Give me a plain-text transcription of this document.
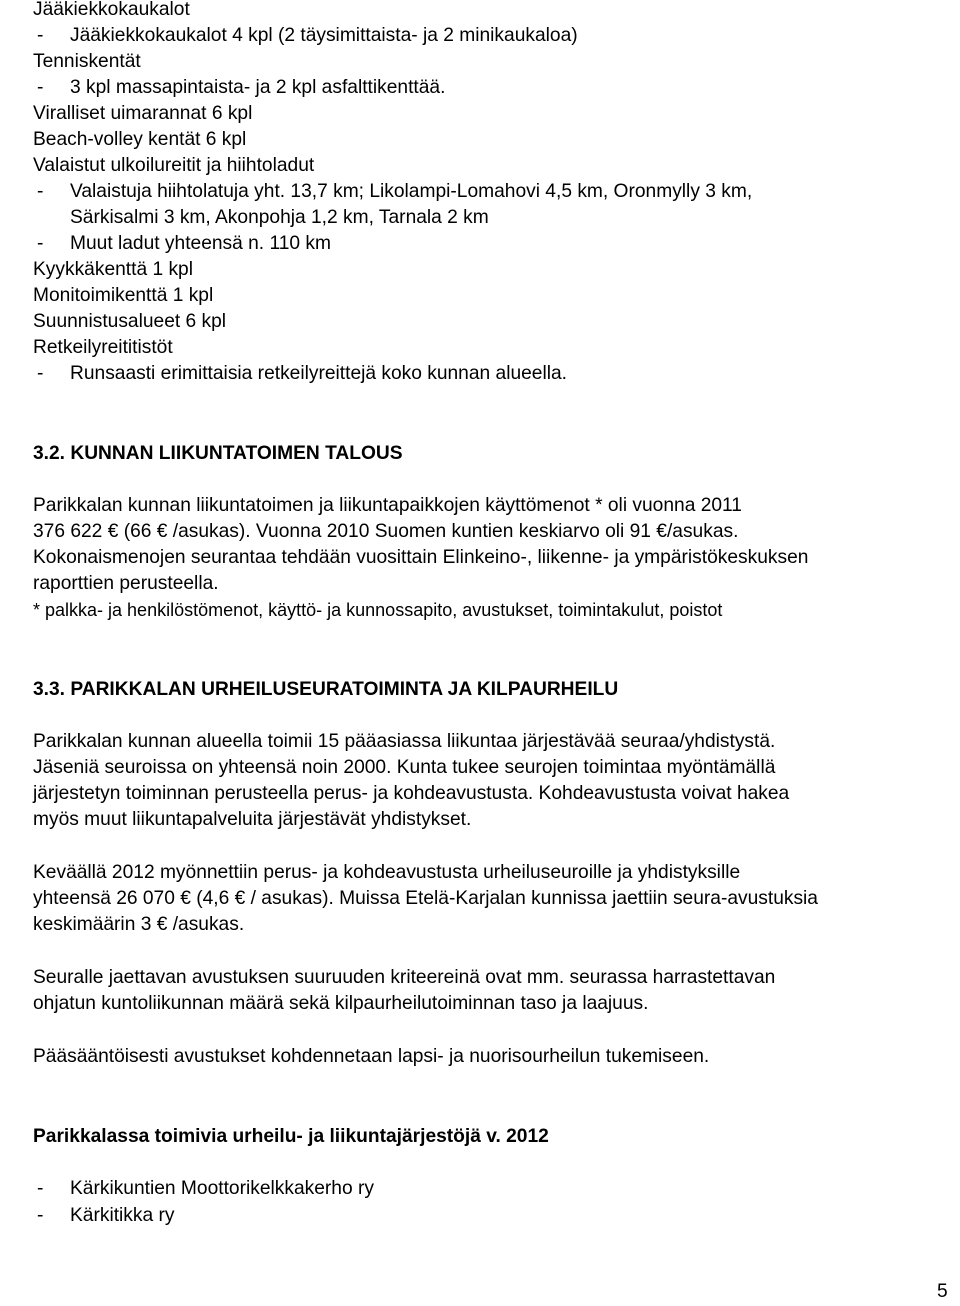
Jääkiekkokaukalot
- Jääkiekkokaukalot 4 kpl (2 täysimittaista- ja 2 minikaukaloa)
Tenniskentät
- 3 kpl massapintaista- ja 2 kpl asfalttikenttää.
Viralliset uimarannat 6 kpl
Beach-volley kentät 6 kpl
Valaistut ulkoilureitit ja hiihtoladut
- Valaistuja hiihtolatuja yht. 13,7 km; Likolampi-Lomahovi 4,5 km, Oronmylly 3 km,
Särkisalmi 3 km, Akonpohja 1,2 km, Tarnala 2 km
- Muut ladut yhteensä n. 110 km
Kyykkäkenttä 1 kpl
Monitoimikenttä 1 kpl
Suunnistusalueet 6 kpl
Retkeilyreititistöt
- Runsaasti erimittaisia retkeilyreittejä koko kunnan alueella.
3.2. KUNNAN LIIKUNTATOIMEN TALOUS
Parikkalan kunnan liikuntatoimen ja liikuntapaikkojen käyttömenot * oli vuonna 2011
376 622 € (66 € /asukas). Vuonna 2010 Suomen kuntien keskiarvo oli 91 €/asukas.
Kokonaismenojen seurantaa tehdään vuosittain Elinkeino-, liikenne- ja ympäristökeskuksen
raporttien perusteella.
* palkka- ja henkilöstömenot, käyttö- ja kunnossapito, avustukset, toimintakulut, poistot
3.3. PARIKKALAN URHEILUSEURATOIMINTA JA KILPAURHEILU
Parikkalan kunnan alueella toimii 15 pääasiassa liikuntaa järjestävää seuraa/yhdistystä.
Jäseniä seuroissa on yhteensä noin 2000. Kunta tukee seurojen toimintaa myöntämällä
järjestetyn toiminnan perusteella perus- ja kohdeavustusta. Kohdeavustusta voivat hakea
myös muut liikuntapalveluita järjestävät yhdistykset.
Keväällä 2012 myönnettiin perus- ja kohdeavustusta urheiluseuroille ja yhdistyksille
yhteensä 26 070 € (4,6 € / asukas). Muissa Etelä-Karjalan kunnissa jaettiin seura-avustuksia
keskimäärin 3 € /asukas.
Seuralle jaettavan avustuksen suuruuden kriteereinä ovat mm. seurassa harrastettavan
ohjatun kuntoliikunnan määrä sekä kilpaurheilutoiminnan taso ja laajuus.
Pääsääntöisesti avustukset kohdennetaan lapsi- ja nuorisourheilun tukemiseen.
Parikkalassa toimivia urheilu- ja liikuntajärjestöjä v. 2012
- Kärkikuntien Moottorikelkkakerho ry
- Kärkitikka ry
5
